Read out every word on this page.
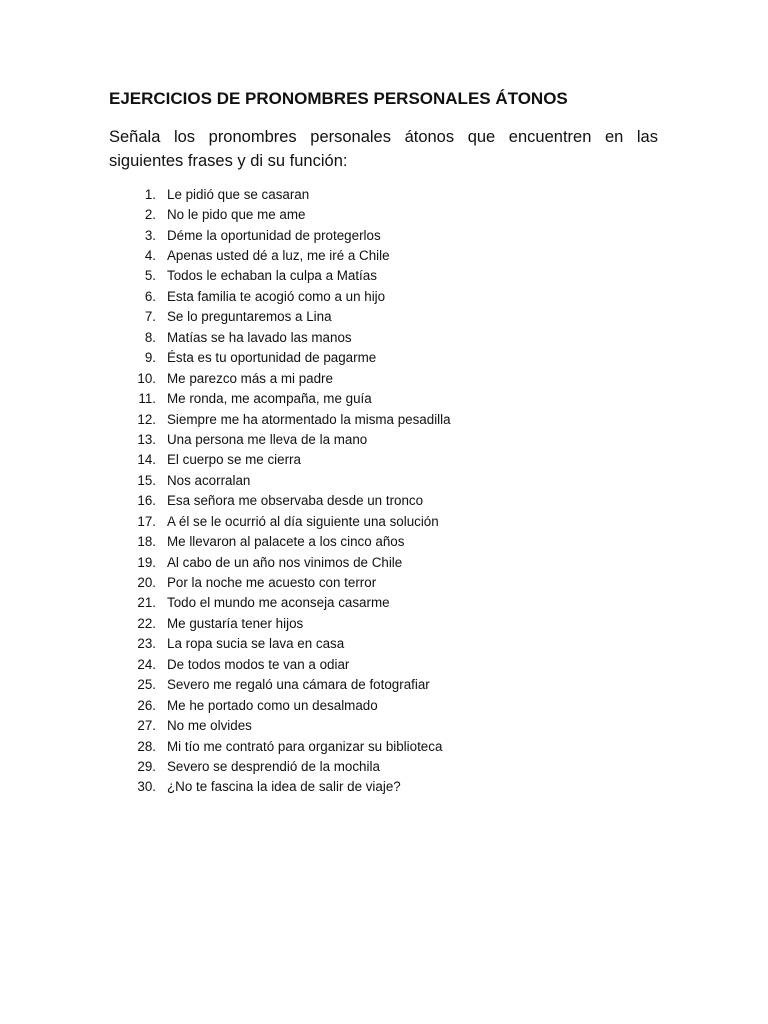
EJERCICIOS DE PRONOMBRES PERSONALES ÁTONOS
Señala los pronombres personales átonos que encuentren en las siguientes frases y di su función:
1. Le pidió que se casaran
2. No le pido que me ame
3. Déme la oportunidad de protegerlos
4. Apenas usted dé a luz, me iré a Chile
5. Todos le echaban la culpa a Matías
6. Esta familia te acogió como a un hijo
7. Se lo preguntaremos a Lina
8. Matías se ha lavado las manos
9. Ésta es tu oportunidad de pagarme
10. Me parezco más a mi padre
11. Me ronda, me acompaña, me guía
12. Siempre me ha atormentado la misma pesadilla
13. Una persona me lleva de la mano
14. El cuerpo se me cierra
15. Nos acorralan
16. Esa señora me observaba desde un tronco
17. A él se le ocurrió al día siguiente una solución
18. Me llevaron al palacete a los cinco años
19. Al cabo de un año nos vinimos de Chile
20. Por la noche me acuesto con terror
21. Todo el mundo me aconseja casarme
22. Me gustaría tener hijos
23. La ropa sucia se lava en casa
24. De todos modos te van a odiar
25. Severo me regaló una cámara de fotografiar
26. Me he portado como un desalmado
27. No me olvides
28. Mi tío me contrató para organizar su biblioteca
29. Severo se desprendió de la mochila
30. ¿No te fascina la idea de salir de viaje?
